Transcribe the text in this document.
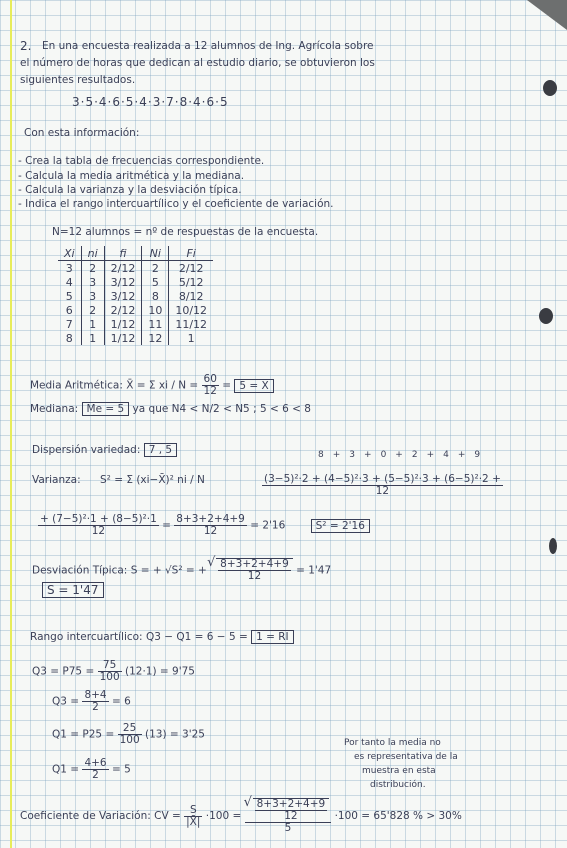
2. En una encuesta realizada a 12 alumnos de Ing. Agrícola sobre
el número de horas que dedican al estudio diario, se obtuvieron los
siguientes resultados.
3·5·4·6·5·4·3·7·8·4·6·5
Con esta información:
- Crea la tabla de frecuencias correspondiente.
- Calcula la media aritmética y la mediana.
- Calcula la varianza y la desviación típica.
- Indica el rango intercuartílico y el coeficiente de variación.
N=12 alumnos = nº de respuestas de la encuesta.
Xi	ni	fi	Ni	Fi
3	2	2/12	2	2/12
4	3	3/12	5	5/12
5	3	3/12	8	8/12
6	2	2/12	10	10/12
7	1	1/12	11	11/12
8	1	1/12	12	1
Media Aritmética: X̄ = Σ xi / $N = \frac{60}{12} = 5$ = X̄
Mediana: Me = 5 ya que N4 < N/2 < N5 ; 5 < 6 < 8
Dispersión variedad: 7 , 5	8+3+0+2+4+9
Varianza: S² = Σ (xi−X̄)² ni / N	$\frac{\text{(3−5)²·2 + (4−5)²·3 + (5−5)²·3 + (6−5)²·2 +}}{12}$
$\frac{\text{+ (7−5)²·1 + (8−5)²·1}}{12} = \frac{8+3+2+4+9}{12} = 2'16$	S² = 2'16
Desviación Típica: S = + √S² = + √ $\frac{8+3+2+4+9}{12} = 1'47$
S = 1'47
Rango intercuartílico: Q3 − Q1 = 6 − 5 = 1 = RI
$Q3 = P75 = \frac{75}{100} (12\cdot 1) = 9'75$
$Q3 = \frac{8+4}{2} = 6$
$Q1 = P25 = \frac{25}{100} (13) = 3'25$
$Q1 = \frac{4+6}{2} = 5$
Por tanto la media no
es representativa de la
muestra en esta
distribución.
Coeficiente de Variación: CV = $\frac{S}{|X̄|} \cdot 100$ = √ $\frac{\frac{8+3+2+4+9}{12}}{5} \cdot 100 = 65'828$ % > 30%
